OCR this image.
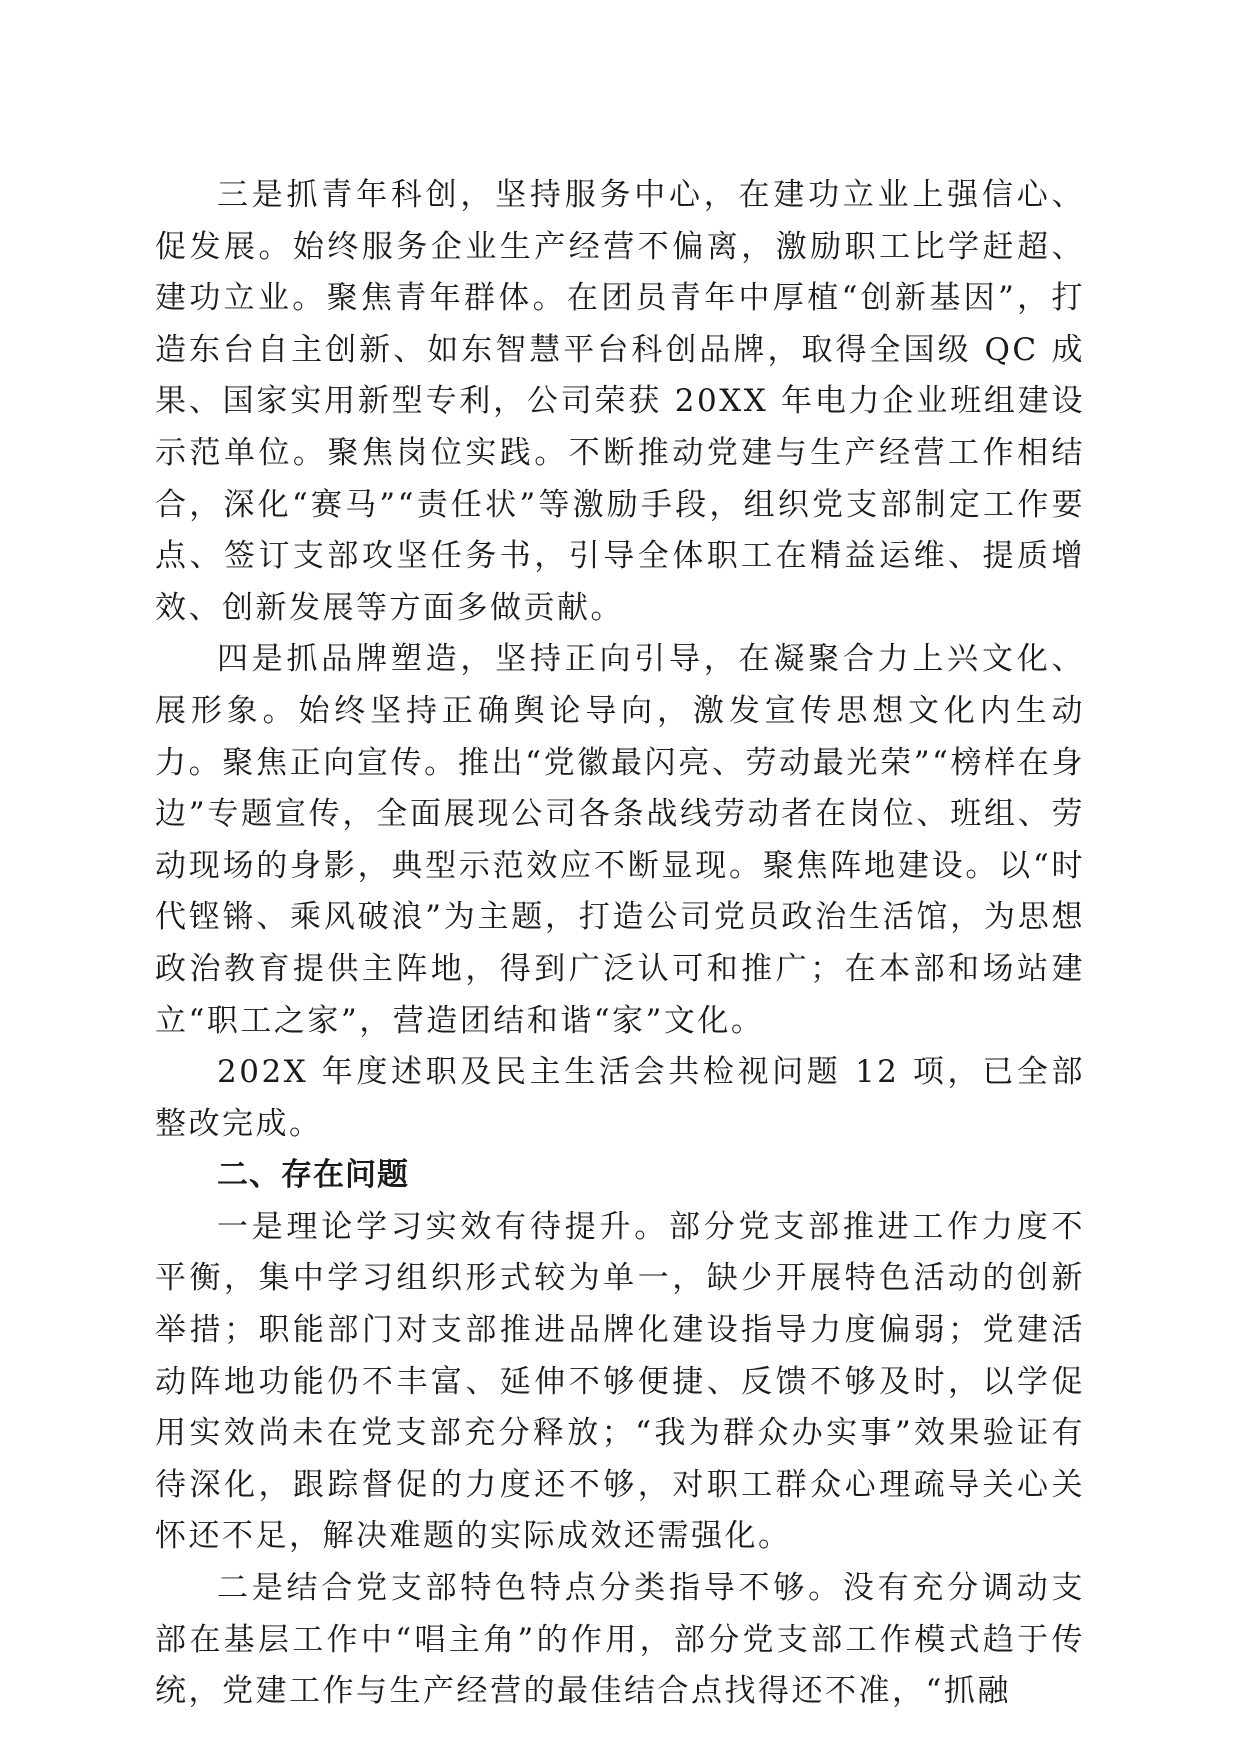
三是抓青年科创，坚持服务中心，在建功立业上强信心、促发展。始终服务企业生产经营不偏离，激励职工比学赶超、建功立业。聚焦青年群体。在团员青年中厚植“创新基因”，打造东台自主创新、如东智慧平台科创品牌，取得全国级 QC 成果、国家实用新型专利，公司荣获 20XX 年电力企业班组建设示范单位。聚焦岗位实践。不断推动党建与生产经营工作相结合，深化“赛马”“责任状”等激励手段，组织党支部制定工作要点、签订支部攻坚任务书，引导全体职工在精益运维、提质增效、创新发展等方面多做贡献。

四是抓品牌塑造，坚持正向引导，在凝聚合力上兴文化、展形象。始终坚持正确舆论导向，激发宣传思想文化内生动力。聚焦正向宣传。推出“党徽最闪亮、劳动最光荣”“榜样在身边”专题宣传，全面展现公司各条战线劳动者在岗位、班组、劳动现场的身影，典型示范效应不断显现。聚焦阵地建设。以“时代铿锵、乘风破浪”为主题，打造公司党员政治生活馆，为思想政治教育提供主阵地，得到广泛认可和推广；在本部和场站建立“职工之家”，营造团结和谐“家”文化。

202X 年度述职及民主生活会共检视问题 12 项，已全部整改完成。

二、存在问题

一是理论学习实效有待提升。部分党支部推进工作力度不平衡，集中学习组织形式较为单一，缺少开展特色活动的创新举措；职能部门对支部推进品牌化建设指导力度偏弱；党建活动阵地功能仍不丰富、延伸不够便捷、反馈不够及时，以学促用实效尚未在党支部充分释放；“我为群众办实事”效果验证有待深化，跟踪督促的力度还不够，对职工群众心理疏导关心关怀还不足，解决难题的实际成效还需强化。

二是结合党支部特色特点分类指导不够。没有充分调动支部在基层工作中“唱主角”的作用，部分党支部工作模式趋于传统，党建工作与生产经营的最佳结合点找得还不准，“抓融
